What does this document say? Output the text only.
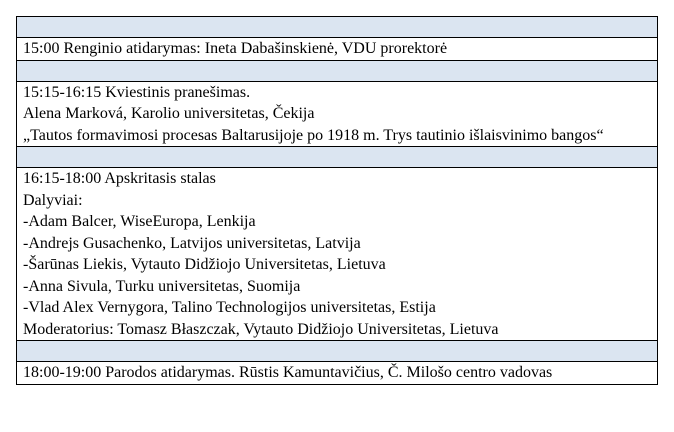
15:00 Renginio atidarymas: Ineta Dabašinskienė, VDU prorektorė

15:15-16:15 Kviestinis pranešimas.
Alena Marková, Karolio universitetas, Čekija
„Tautos formavimosi procesas Baltarusijoje po 1918 m. Trys tautinio išlaisvinimo bangos“

16:15-18:00 Apskritasis stalas
Dalyviai:
-Adam Balcer, WiseEuropa, Lenkija
-Andrejs Gusachenko, Latvijos universitetas, Latvija
-Šarūnas Liekis, Vytauto Didžiojo Universitetas, Lietuva
-Anna Sivula, Turku universitetas, Suomija
-Vlad Alex Vernygora, Talino Technologijos universitetas, Estija
Moderatorius: Tomasz Błaszczak, Vytauto Didžiojo Universitetas, Lietuva

18:00-19:00 Parodos atidarymas. Rūstis Kamuntavičius, Č. Milošo centro vadovas
